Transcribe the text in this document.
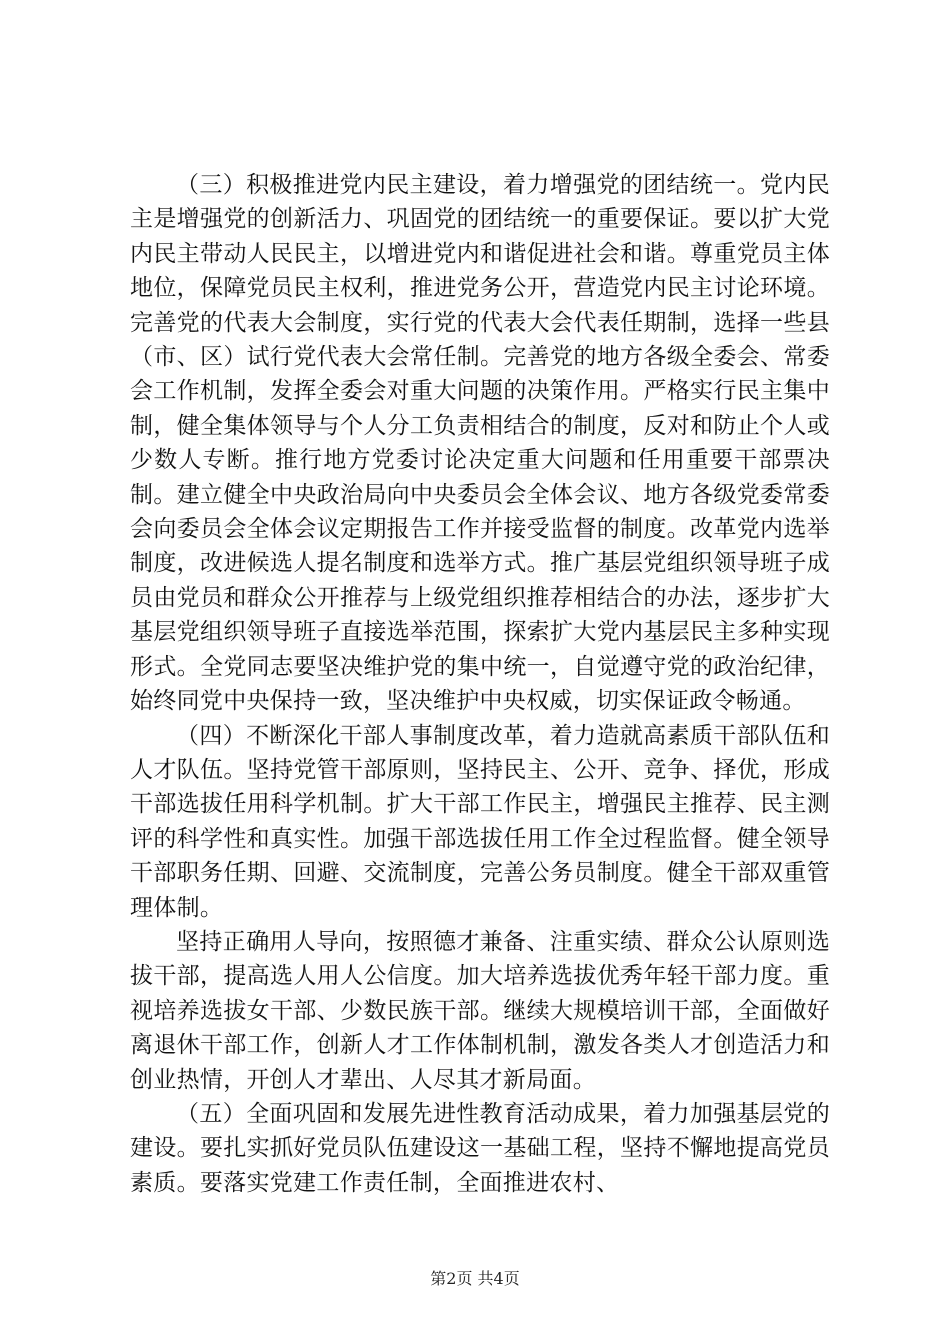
（三）积极推进党内民主建设，着力增强党的团结统一。党内民主是增强党的创新活力、巩固党的团结统一的重要保证。要以扩大党内民主带动人民民主，以增进党内和谐促进社会和谐。尊重党员主体地位，保障党员民主权利，推进党务公开，营造党内民主讨论环境。完善党的代表大会制度，实行党的代表大会代表任期制，选择一些县（市、区）试行党代表大会常任制。完善党的地方各级全委会、常委会工作机制，发挥全委会对重大问题的决策作用。严格实行民主集中制，健全集体领导与个人分工负责相结合的制度，反对和防止个人或少数人专断。推行地方党委讨论决定重大问题和任用重要干部票决制。建立健全中央政治局向中央委员会全体会议、地方各级党委常委会向委员会全体会议定期报告工作并接受监督的制度。改革党内选举制度，改进候选人提名制度和选举方式。推广基层党组织领导班子成员由党员和群众公开推荐与上级党组织推荐相结合的办法，逐步扩大基层党组织领导班子直接选举范围，探索扩大党内基层民主多种实现形式。全党同志要坚决维护党的集中统一，自觉遵守党的政治纪律，始终同党中央保持一致，坚决维护中央权威，切实保证政令畅通。

（四）不断深化干部人事制度改革，着力造就高素质干部队伍和人才队伍。坚持党管干部原则，坚持民主、公开、竞争、择优，形成干部选拔任用科学机制。扩大干部工作民主，增强民主推荐、民主测评的科学性和真实性。加强干部选拔任用工作全过程监督。健全领导干部职务任期、回避、交流制度，完善公务员制度。健全干部双重管理体制。

坚持正确用人导向，按照德才兼备、注重实绩、群众公认原则选拔干部，提高选人用人公信度。加大培养选拔优秀年轻干部力度。重视培养选拔女干部、少数民族干部。继续大规模培训干部，全面做好离退休干部工作，创新人才工作体制机制，激发各类人才创造活力和创业热情，开创人才辈出、人尽其才新局面。

（五）全面巩固和发展先进性教育活动成果，着力加强基层党的建设。要扎实抓好党员队伍建设这一基础工程，坚持不懈地提高党员素质。要落实党建工作责任制，全面推进农村、

第2页 共4页
